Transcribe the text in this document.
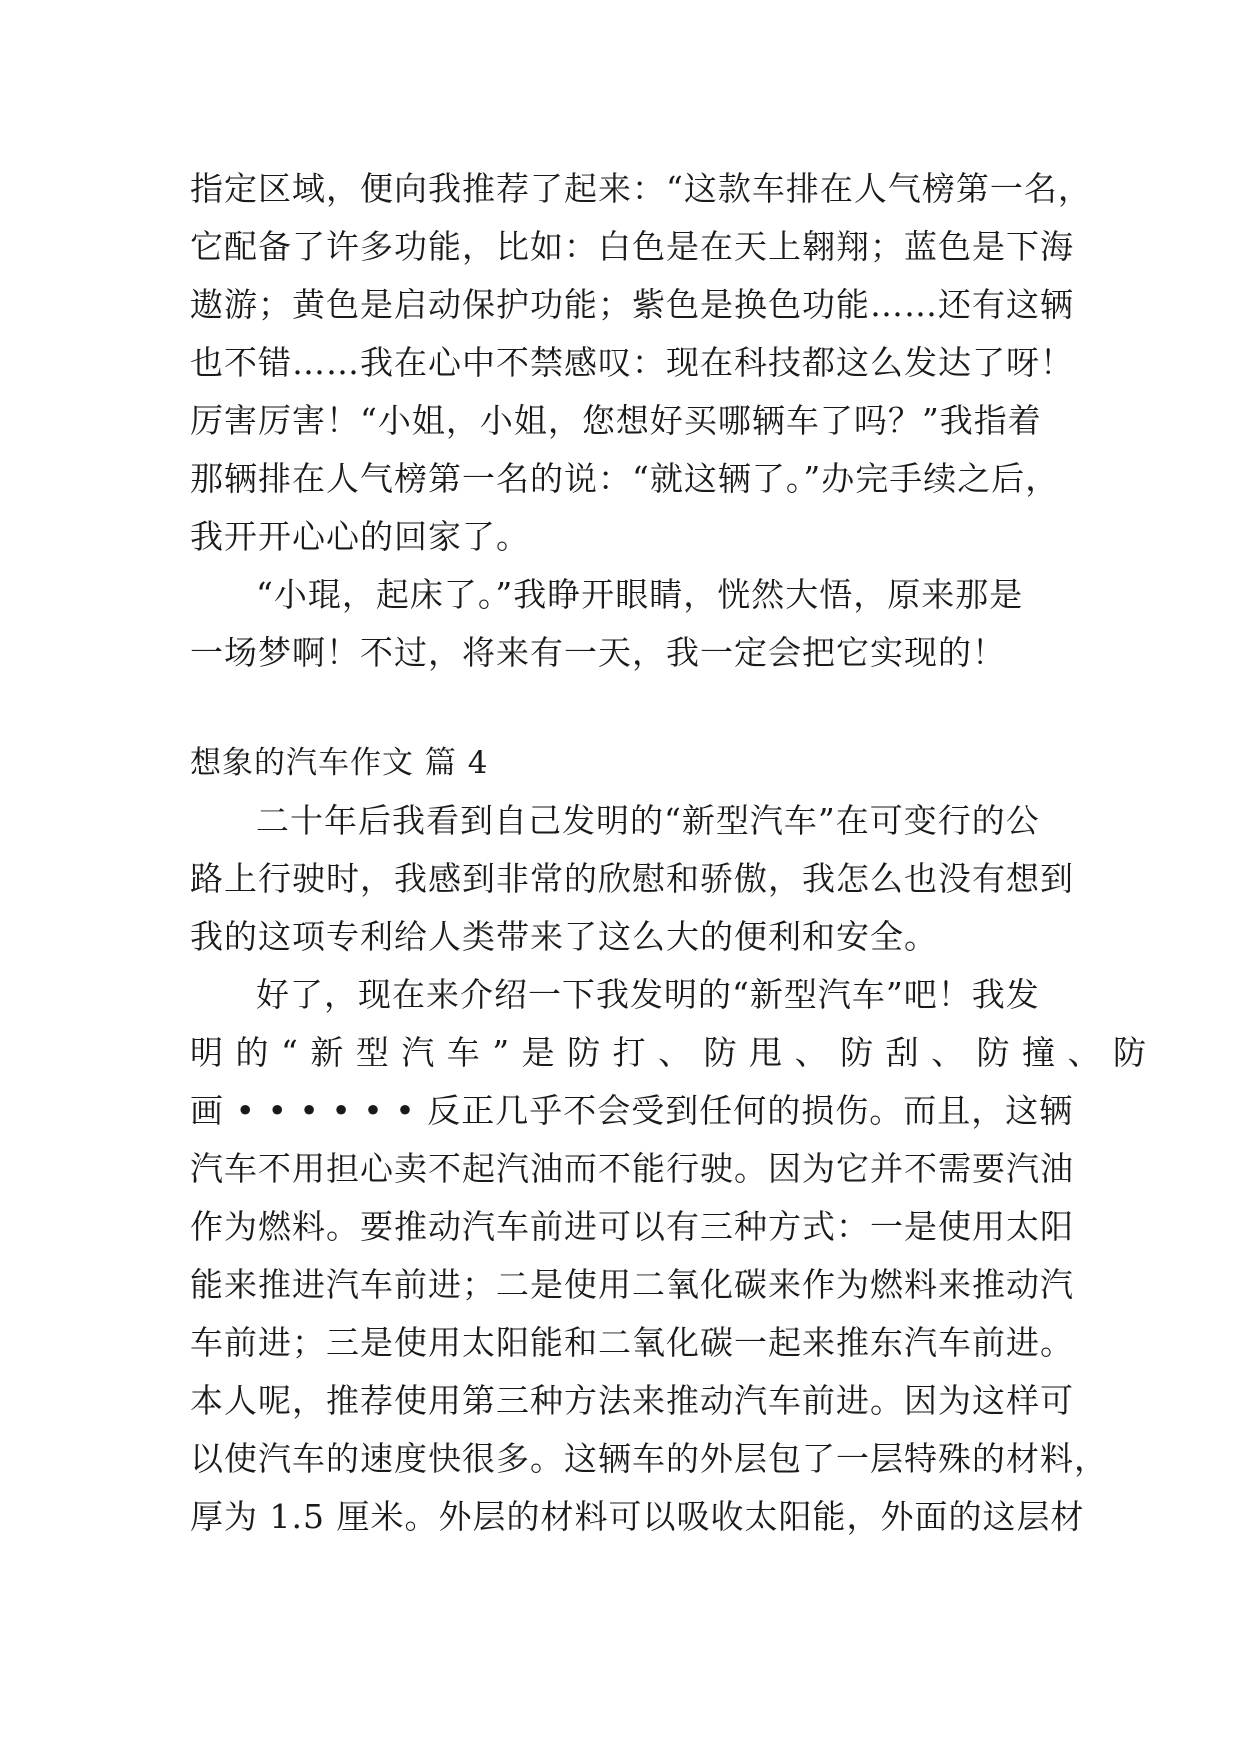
指定区域，便向我推荐了起来：“这款车排在人气榜第一名，
它配备了许多功能，比如：白色是在天上翱翔；蓝色是下海
遨游；黄色是启动保护功能；紫色是换色功能……还有这辆
也不错……我在心中不禁感叹：现在科技都这么发达了呀！
厉害厉害！“小姐，小姐，您想好买哪辆车了吗？”我指着
那辆排在人气榜第一名的说：“就这辆了。”办完手续之后，
我开开心心的回家了。
“小琨，起床了。”我睁开眼睛，恍然大悟，原来那是
一场梦啊！不过，将来有一天，我一定会把它实现的！
想象的汽车作文 篇 4
二十年后我看到自己发明的“新型汽车”在可变行的公
路上行驶时，我感到非常的欣慰和骄傲，我怎么也没有想到
我的这项专利给人类带来了这么大的便利和安全。
好了，现在来介绍一下我发明的“新型汽车”吧！我发
明 的 “ 新 型 汽 车 ” 是 防 打 、 防 甩 、 防 刮 、 防 撞 、 防
画 • • • • • • 反正几乎不会受到任何的损伤。而且，这辆
汽车不用担心卖不起汽油而不能行驶。因为它并不需要汽油
作为燃料。要推动汽车前进可以有三种方式：一是使用太阳
能来推进汽车前进；二是使用二氧化碳来作为燃料来推动汽
车前进；三是使用太阳能和二氧化碳一起来推东汽车前进。
本人呢，推荐使用第三种方法来推动汽车前进。因为这样可
以使汽车的速度快很多。这辆车的外层包了一层特殊的材料，
厚为 1.5 厘米。外层的材料可以吸收太阳能，外面的这层材
